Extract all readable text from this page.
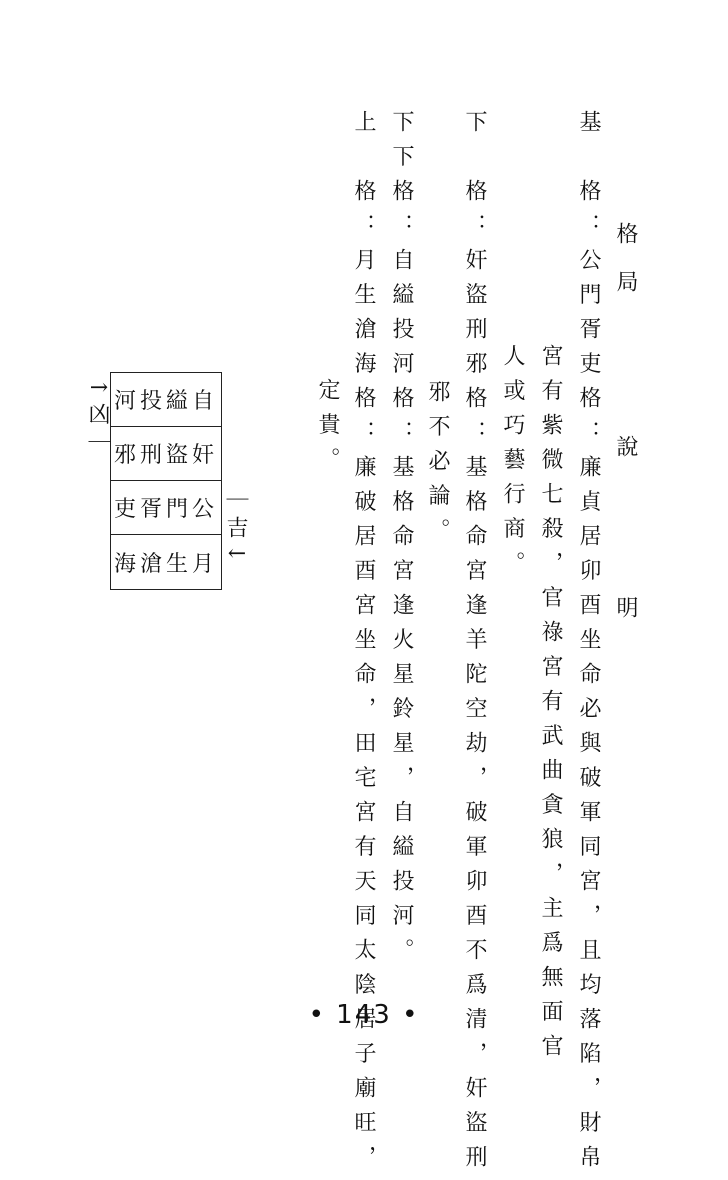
格
局
說
明

基　格：公門胥吏格：廉貞居卯酉坐命必與破軍同宮，且均落陷，財帛

宮有紫微七殺，官祿宮有武曲貪狼，主爲無面官

下　格：奸盜刑邪格：基格命宮逢羊陀空劫，破軍卯酉不爲清，奸盜刑

邪不必論。

下下格：自縊投河格：基格命宮逢火星鈴星，自縊投河。

上　格：月生滄海格：廉破居酉宮坐命，田宅宮有天同太陰居子廟旺，

定貴。

河投縊自
邪刑盜奸
吏胥門公
海滄生月
↑凶｜
｜吉↓
• 143 •

人或巧藝行商。
